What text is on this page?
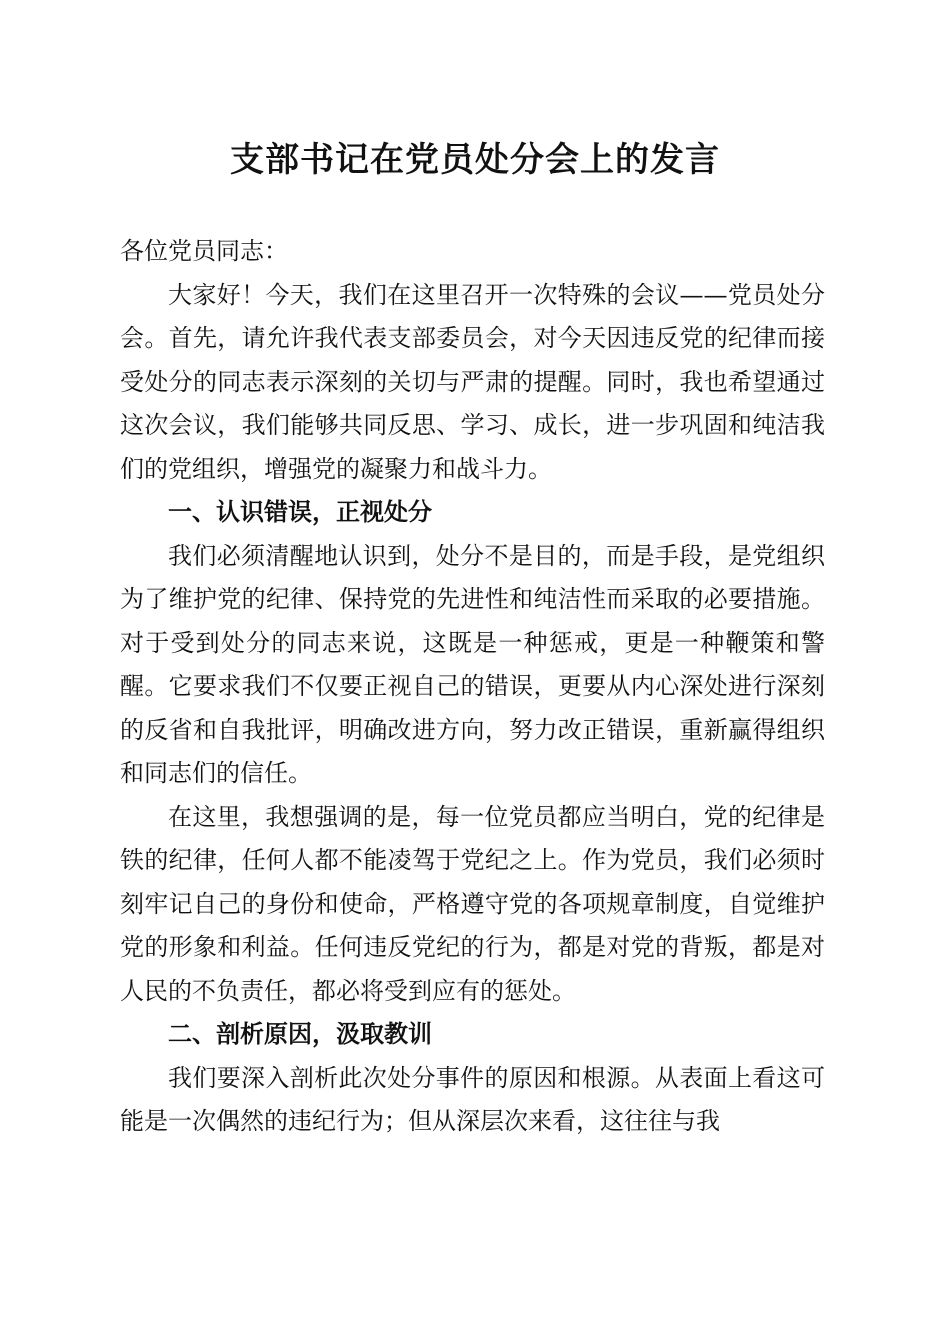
支部书记在党员处分会上的发言

各位党员同志：

大家好！今天，我们在这里召开一次特殊的会议——党员处分会。首先，请允许我代表支部委员会，对今天因违反党的纪律而接受处分的同志表示深刻的关切与严肃的提醒。同时，我也希望通过这次会议，我们能够共同反思、学习、成长，进一步巩固和纯洁我们的党组织，增强党的凝聚力和战斗力。

一、认识错误，正视处分

我们必须清醒地认识到，处分不是目的，而是手段，是党组织为了维护党的纪律、保持党的先进性和纯洁性而采取的必要措施。对于受到处分的同志来说，这既是一种惩戒，更是一种鞭策和警醒。它要求我们不仅要正视自己的错误，更要从内心深处进行深刻的反省和自我批评，明确改进方向，努力改正错误，重新赢得组织和同志们的信任。

在这里，我想强调的是，每一位党员都应当明白，党的纪律是铁的纪律，任何人都不能凌驾于党纪之上。作为党员，我们必须时刻牢记自己的身份和使命，严格遵守党的各项规章制度，自觉维护党的形象和利益。任何违反党纪的行为，都是对党的背叛，都是对人民的不负责任，都必将受到应有的惩处。

二、剖析原因，汲取教训

我们要深入剖析此次处分事件的原因和根源。从表面上看这可能是一次偶然的违纪行为；但从深层次来看，这往往与我
